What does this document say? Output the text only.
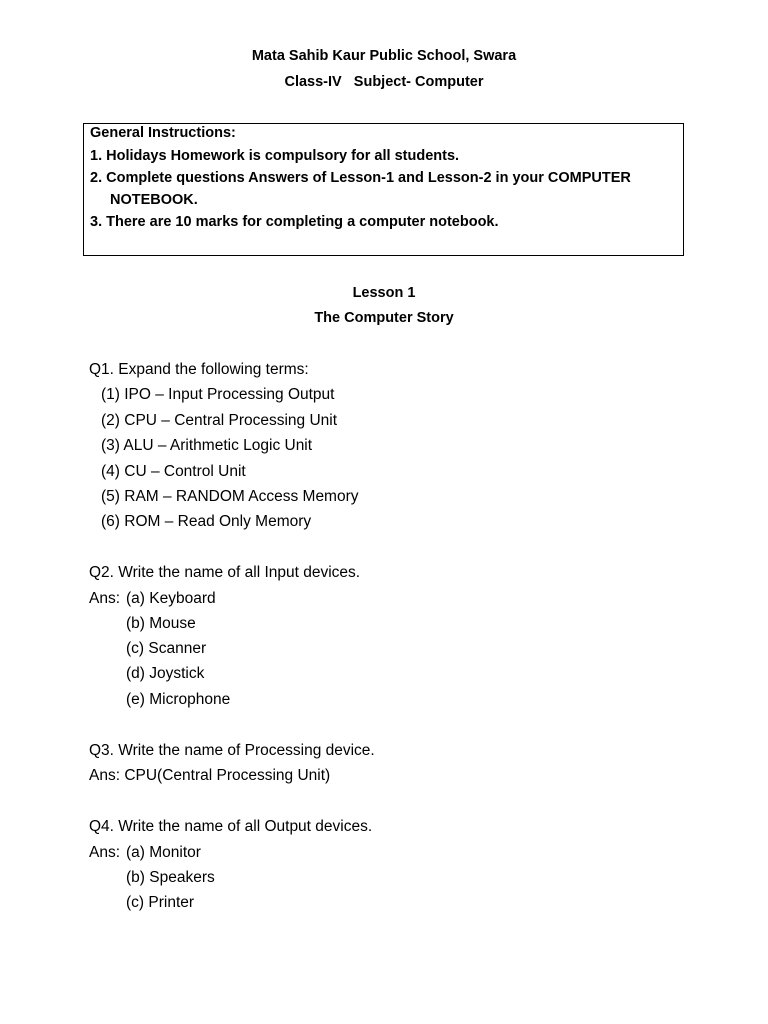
Mata Sahib Kaur Public School, Swara
Class-IV   Subject- Computer
General Instructions:
1. Holidays Homework is compulsory for all students.
2. Complete questions Answers of Lesson-1 and Lesson-2 in your COMPUTER
NOTEBOOK.
3. There are 10 marks for completing a computer notebook.
Lesson 1
The Computer Story
Q1. Expand the following terms:
(1) IPO – Input Processing Output
(2) CPU – Central Processing Unit
(3) ALU – Arithmetic Logic Unit
(4) CU – Control Unit
(5) RAM – RANDOM Access Memory
(6) ROM – Read Only Memory
Q2. Write the name of all Input devices.
Ans: (a) Keyboard
(b) Mouse
(c) Scanner
(d) Joystick
(e) Microphone
Q3. Write the name of Processing device.
Ans: CPU(Central Processing Unit)
Q4. Write the name of all Output devices.
Ans: (a) Monitor
(b) Speakers
(c) Printer
